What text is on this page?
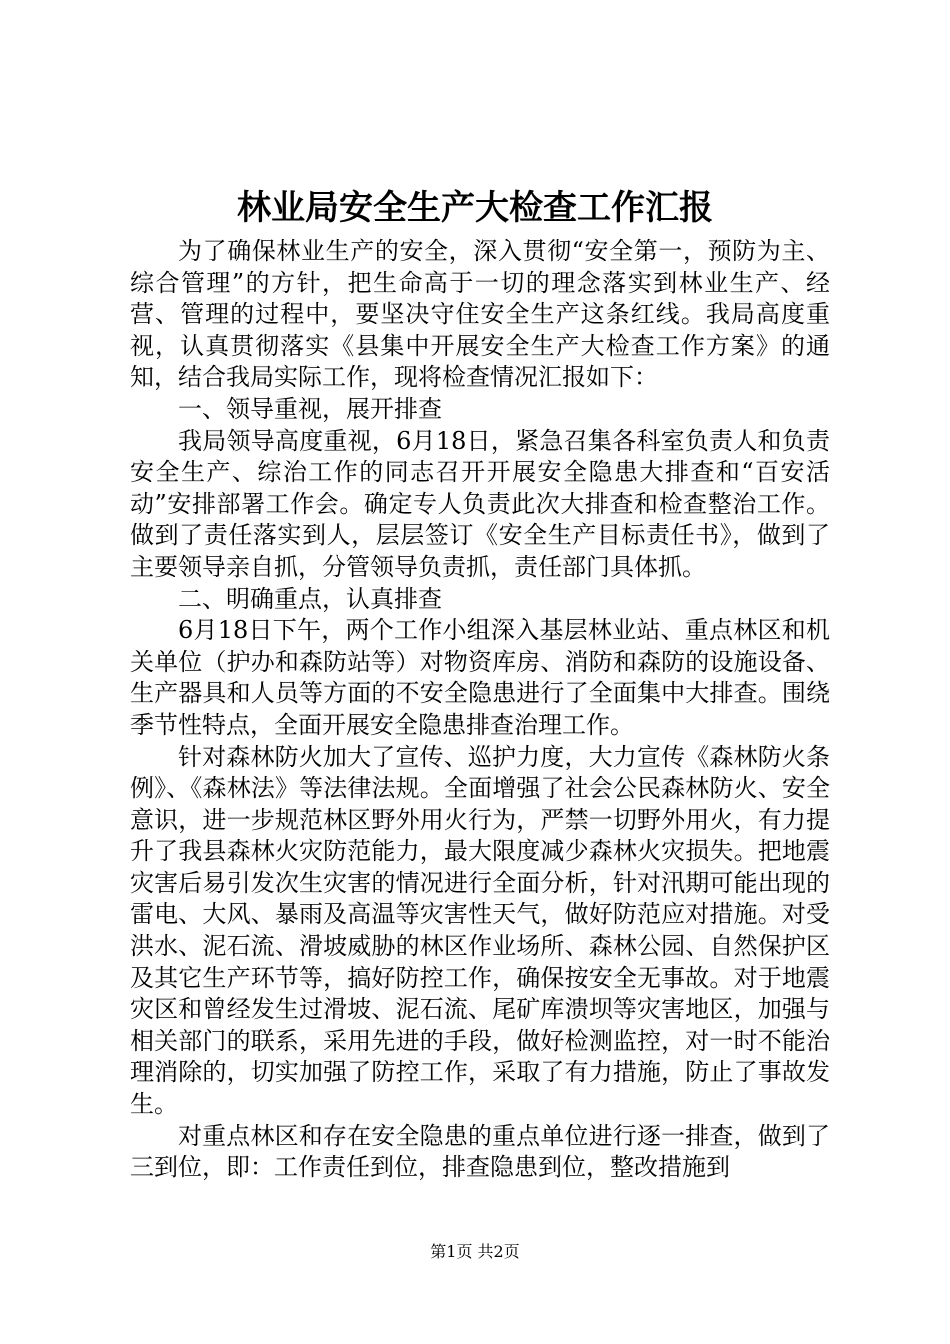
林业局安全生产大检查工作汇报

为了确保林业生产的安全，深入贯彻“安全第一，预防为主、综合管理”的方针，把生命高于一切的理念落实到林业生产、经营、管理的过程中，要坚决守住安全生产这条红线。我局高度重视，认真贯彻落实《县集中开展安全生产大检查工作方案》的通知，结合我局实际工作，现将检查情况汇报如下：

一、领导重视，展开排查

我局领导高度重视，6月18日，紧急召集各科室负责人和负责安全生产、综治工作的同志召开开展安全隐患大排查和“百安活动”安排部署工作会。确定专人负责此次大排查和检查整治工作。做到了责任落实到人，层层签订《安全生产目标责任书》，做到了主要领导亲自抓，分管领导负责抓，责任部门具体抓。

二、明确重点，认真排查

6月18日下午，两个工作小组深入基层林业站、重点林区和机关单位（护办和森防站等）对物资库房、消防和森防的设施设备、生产器具和人员等方面的不安全隐患进行了全面集中大排查。围绕季节性特点，全面开展安全隐患排查治理工作。

针对森林防火加大了宣传、巡护力度，大力宣传《森林防火条例》、《森林法》等法律法规。全面增强了社会公民森林防火、安全意识，进一步规范林区野外用火行为，严禁一切野外用火，有力提升了我县森林火灾防范能力，最大限度减少森林火灾损失。把地震灾害后易引发次生灾害的情况进行全面分析，针对汛期可能出现的雷电、大风、暴雨及高温等灾害性天气，做好防范应对措施。对受洪水、泥石流、滑坡威胁的林区作业场所、森林公园、自然保护区及其它生产环节等，搞好防控工作，确保按安全无事故。对于地震灾区和曾经发生过滑坡、泥石流、尾矿库溃坝等灾害地区，加强与相关部门的联系，采用先进的手段，做好检测监控，对一时不能治理消除的，切实加强了防控工作，采取了有力措施，防止了事故发生。

对重点林区和存在安全隐患的重点单位进行逐一排查，做到了三到位，即：工作责任到位，排查隐患到位，整改措施到

第1页 共2页
